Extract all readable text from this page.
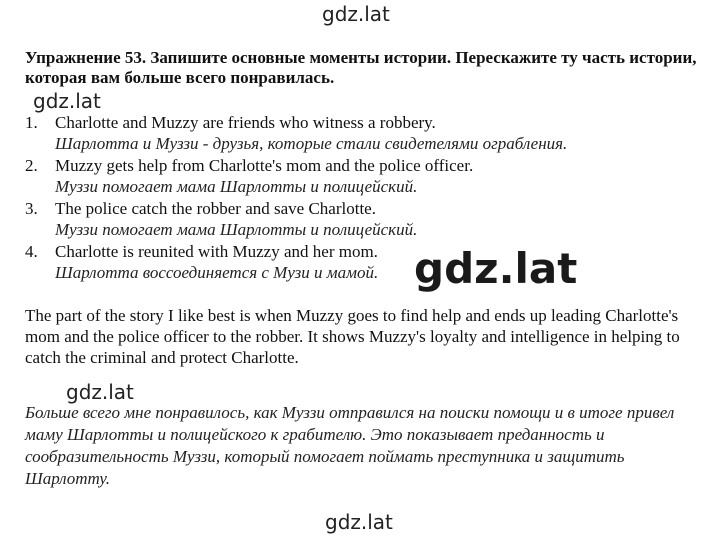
Упражнение 53. Запишите основные моменты истории. Перескажите ту часть истории, которая вам больше всего понравилась.
1. Charlotte and Muzzy are friends who witness a robbery.
Шарлотта и Муззи - друзья, которые стали свидетелями ограбления.
2. Muzzy gets help from Charlotte's mom and the police officer.
Муззи помогает мама Шарлотты и полицейский.
3. The police catch the robber and save Charlotte.
Муззи помогает мама Шарлотты и полицейский.
4. Charlotte is reunited with Muzzy and her mom.
Шарлотта воссоединяется с Музи и мамой.

The part of the story I like best is when Muzzy goes to find help and ends up leading Charlotte's mom and the police officer to the robber. It shows Muzzy's loyalty and intelligence in helping to catch the criminal and protect Charlotte.

Больше всего мне понравилось, как Муззи отправился на поиски помощи и в итоге привел маму Шарлотты и полицейского к грабителю. Это показывает преданность и сообразительность Муззи, который помогает поймать преступника и защитить Шарлотту.

gdz.lat
gdz.lat
gdz.lat
gdz.lat
gdz.lat
